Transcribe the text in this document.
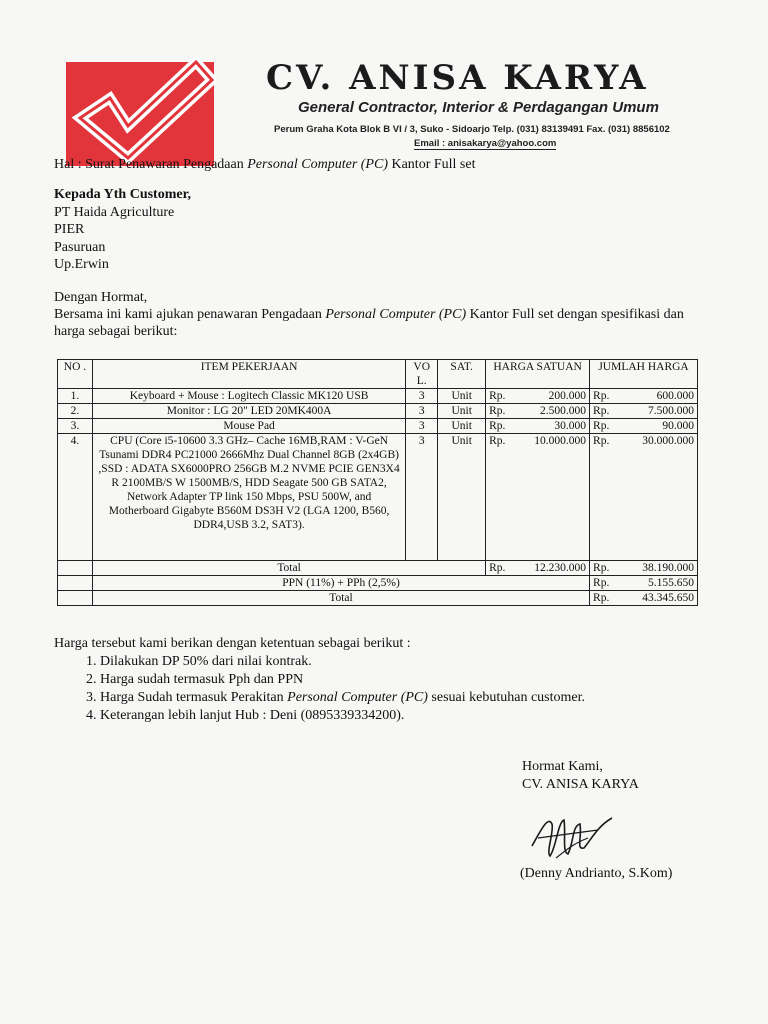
CV. ANISA KARYA
General Contractor, Interior & Perdagangan Umum
Perum Graha Kota Blok B VI / 3, Suko - Sidoarjo Telp. (031) 83139491 Fax. (031) 8856102
Email : anisakarya@yahoo.com
Hal : Surat Penawaran Pengadaan Personal Computer (PC) Kantor Full set
Kepada Yth Customer,
PT Haida Agriculture
PIER
Pasuruan
Up.Erwin
Dengan Hormat,
Bersama ini kami ajukan penawaran Pengadaan Personal Computer (PC) Kantor Full set dengan spesifikasi dan harga sebagai berikut:
NO .	ITEM PEKERJAAN	VO L.	SAT.	HARGA SATUAN	JUMLAH HARGA
1.	Keyboard + Mouse : Logitech Classic MK120 USB	3	Unit	Rp. 200.000	Rp. 600.000

2.	Monitor : LG 20" LED 20MK400A	3	Unit	Rp. 2.500.000	Rp. 7.500.000

3.	Mouse Pad	3	Unit	Rp. 30.000	Rp. 90.000

4.	CPU (Core i5-10600 3.3 GHz– Cache 16MB,RAM : V-GeN Tsunami DDR4 PC21000 2666Mhz Dual Channel 8GB (2x4GB) ,SSD : ADATA SX6000PRO 256GB M.2 NVME PCIE GEN3X4 R 2100MB/S W 1500MB/S, HDD Seagate 500 GB SATA2, Network Adapter TP link 150 Mbps, PSU 500W, and Motherboard Gigabyte B560M DS3H V2 (LGA 1200, B560, DDR4,USB 3.2, SAT3).	3	Unit	Rp. 10.000.000	Rp. 30.000.000

	Total			Rp. 12.230.000	Rp. 38.190.000

	PPN (11%) + PPh (2,5%)				Rp. 5.155.650

	Total				Rp. 43.345.650
Harga tersebut kami berikan dengan ketentuan sebagai berikut :
1. Dilakukan DP 50% dari nilai kontrak.
2. Harga sudah termasuk Pph dan PPN
3. Harga Sudah termasuk Perakitan Personal Computer (PC) sesuai kebutuhan customer.
4. Keterangan lebih lanjut Hub : Deni (0895339334200).
Hormat Kami,
CV. ANISA KARYA
(Denny Andrianto, S.Kom)
